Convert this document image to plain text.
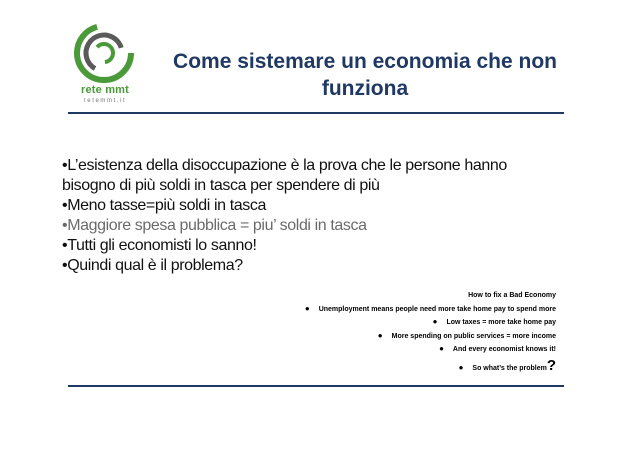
rete mmt
retemmt.it
Come sistemare un economia che non
funziona
•L’esistenza della disoccupazione è la prova che le persone hanno
bisogno di più soldi in tasca per spendere di più
•Meno tasse=più soldi in tasca
•Maggiore spesa pubblica = piu’ soldi in tasca
•Tutti gli economisti lo sanno!
•Quindi qual è il problema?
How to fix a Bad Economy
● Unemployment means people need more take home pay to spend more
● Low taxes = more take home pay
● More spending on public services = more income
● And every economist knows it!
● So what’s the problem?
